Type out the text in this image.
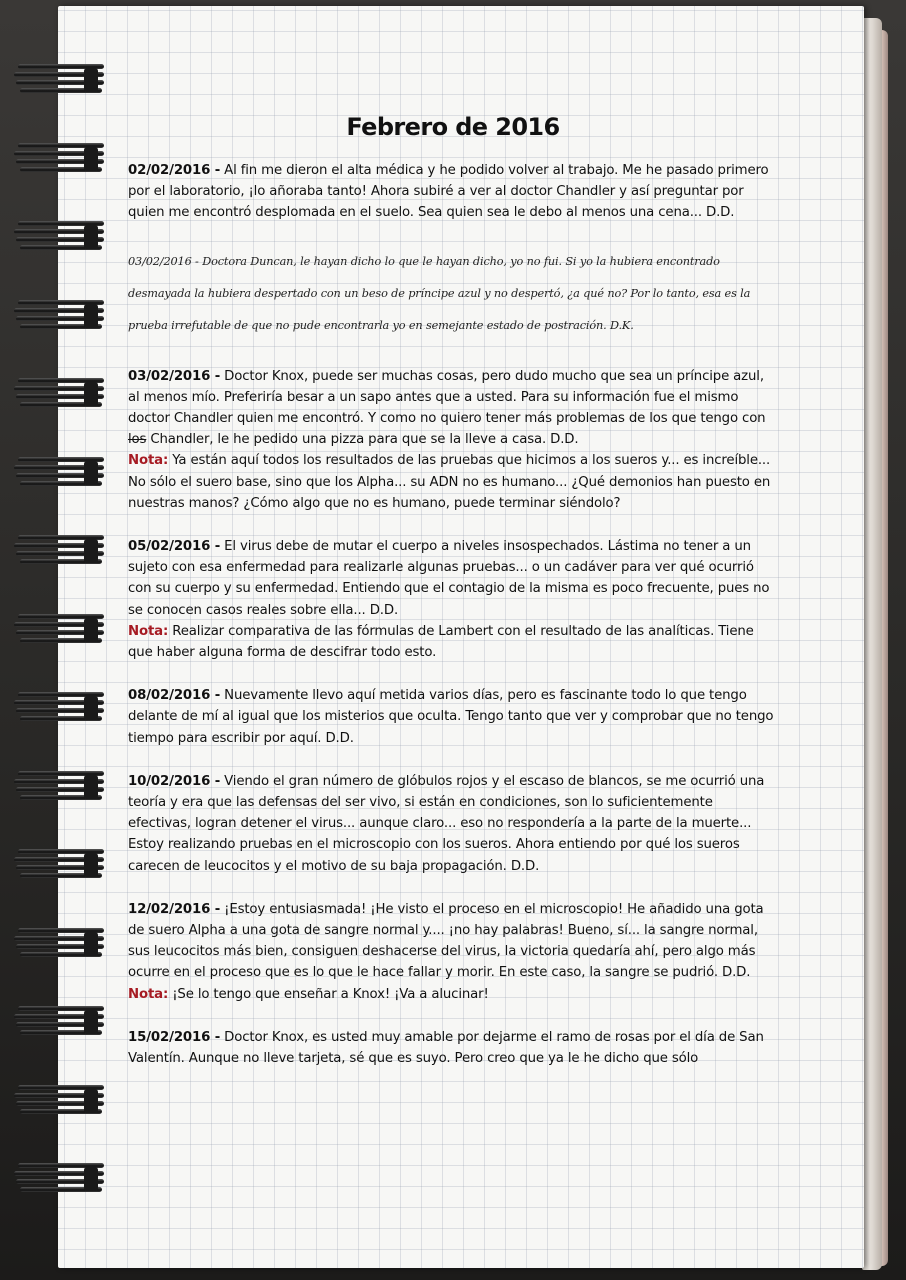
Febrero de 2016

02/02/2016 - Al fin me dieron el alta médica y he podido volver al trabajo. Me he pasado primero por el laboratorio, ¡lo añoraba tanto! Ahora subiré a ver al doctor Chandler y así preguntar por quien me encontró desplomada en el suelo. Sea quien sea le debo al menos una cena... D.D.

03/02/2016 - Doctora Duncan, le hayan dicho lo que le hayan dicho, yo no fui. Si yo la hubiera encontrado desmayada la hubiera despertado con un beso de príncipe azul y no despertó, ¿a qué no? Por lo tanto, esa es la prueba irrefutable de que no pude encontrarla yo en semejante estado de postración. D.K.

03/02/2016 - Doctor Knox, puede ser muchas cosas, pero dudo mucho que sea un príncipe azul, al menos mío. Preferiría besar a un sapo antes que a usted. Para su información fue el mismo doctor Chandler quien me encontró. Y como no quiero tener más problemas de los que tengo con los Chandler, le he pedido una pizza para que se la lleve a casa. D.D.

Nota: Ya están aquí todos los resultados de las pruebas que hicimos a los sueros y... es increíble... No sólo el suero base, sino que los Alpha... su ADN no es humano... ¿Qué demonios han puesto en nuestras manos? ¿Cómo algo que no es humano, puede terminar siéndolo?

05/02/2016 - El virus debe de mutar el cuerpo a niveles insospechados. Lástima no tener a un sujeto con esa enfermedad para realizarle algunas pruebas... o un cadáver para ver qué ocurrió con su cuerpo y su enfermedad. Entiendo que el contagio de la misma es poco frecuente, pues no se conocen casos reales sobre ella... D.D.

Nota: Realizar comparativa de las fórmulas de Lambert con el resultado de las analíticas. Tiene que haber alguna forma de descifrar todo esto.

08/02/2016 - Nuevamente llevo aquí metida varios días, pero es fascinante todo lo que tengo delante de mí al igual que los misterios que oculta. Tengo tanto que ver y comprobar que no tengo tiempo para escribir por aquí. D.D.

10/02/2016 - Viendo el gran número de glóbulos rojos y el escaso de blancos, se me ocurrió una teoría y era que las defensas del ser vivo, si están en condiciones, son lo suficientemente efectivas, logran detener el virus... aunque claro... eso no respondería a la parte de la muerte... Estoy realizando pruebas en el microscopio con los sueros. Ahora entiendo por qué los sueros carecen de leucocitos y el motivo de su baja propagación. D.D.

12/02/2016 - ¡Estoy entusiasmada! ¡He visto el proceso en el microscopio! He añadido una gota de suero Alpha a una gota de sangre normal y.... ¡no hay palabras! Bueno, sí... la sangre normal, sus leucocitos más bien, consiguen deshacerse del virus, la victoria quedaría ahí, pero algo más ocurre en el proceso que es lo que le hace fallar y morir. En este caso, la sangre se pudrió. D.D.

Nota: ¡Se lo tengo que enseñar a Knox! ¡Va a alucinar!

15/02/2016 - Doctor Knox, es usted muy amable por dejarme el ramo de rosas por el día de San Valentín. Aunque no lleve tarjeta, sé que es suyo. Pero creo que ya le he dicho que sólo
